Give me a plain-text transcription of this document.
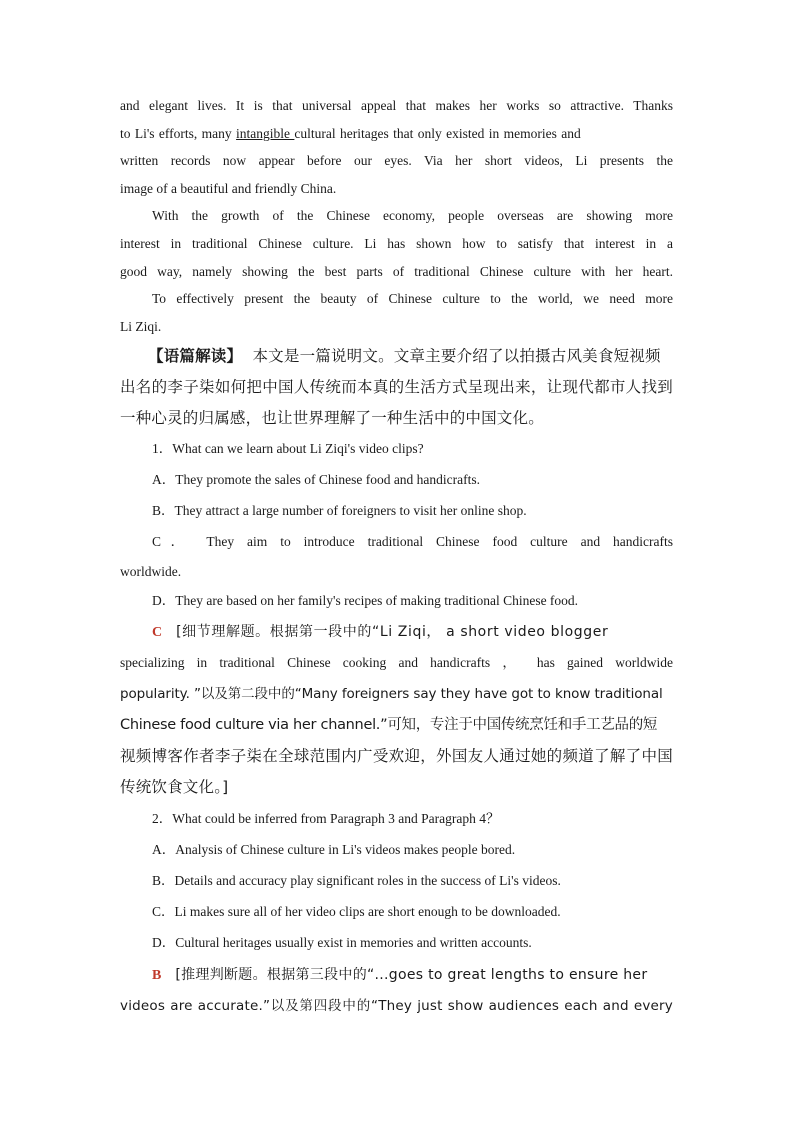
and elegant lives. It is that universal appeal that makes her works so attractive. Thanks
to Li's efforts, many intangible cultural heritages that only existed in memories and
written records now appear before our eyes. Via her short videos, Li presents the
image of a beautiful and friendly China.
With the growth of the Chinese economy, people overseas are showing more
interest in traditional Chinese culture. Li has shown how to satisfy that interest in a
good way, namely showing the best parts of traditional Chinese culture with her heart.
To effectively present the beauty of Chinese culture to the world, we need more
Li Ziqi.
【语篇解读】 本文是一篇说明文。文章主要介绍了以拍摄古风美食短视频
出名的李子柒如何把中国人传统而本真的生活方式呈现出来，让现代都市人找到
一种心灵的归属感，也让世界理解了一种生活中的中国文化。
1．What can we learn about Li Ziqi's video clips?
A．They promote the sales of Chinese food and handicrafts.
B．They attract a large number of foreigners to visit her online shop.
C． They aim to introduce traditional Chinese food culture and handicrafts
worldwide.
D．They are based on her family's recipes of making traditional Chinese food.
C [细节理解题。根据第一段中的“Li Ziqi， a short video blogger
specializing in traditional Chinese cooking and handicrafts ， has gained worldwide
popularity. ”以及第二段中的“Many foreigners say they have got to know traditional
Chinese food culture via her channel.”可知，专注于中国传统烹饪和手工艺品的短
视频博客作者李子柒在全球范围内广受欢迎，外国友人通过她的频道了解了中国
传统饮食文化。]
2．What could be inferred from Paragraph 3 and Paragraph 4？
A．Analysis of Chinese culture in Li's videos makes people bored.
B．Details and accuracy play significant roles in the success of Li's videos.
C．Li makes sure all of her video clips are short enough to be downloaded.
D．Cultural heritages usually exist in memories and written accounts.
B [推理判断题。根据第三段中的“...goes to great lengths to ensure her
videos are accurate.”以及第四段中的“They just show audiences each and every
